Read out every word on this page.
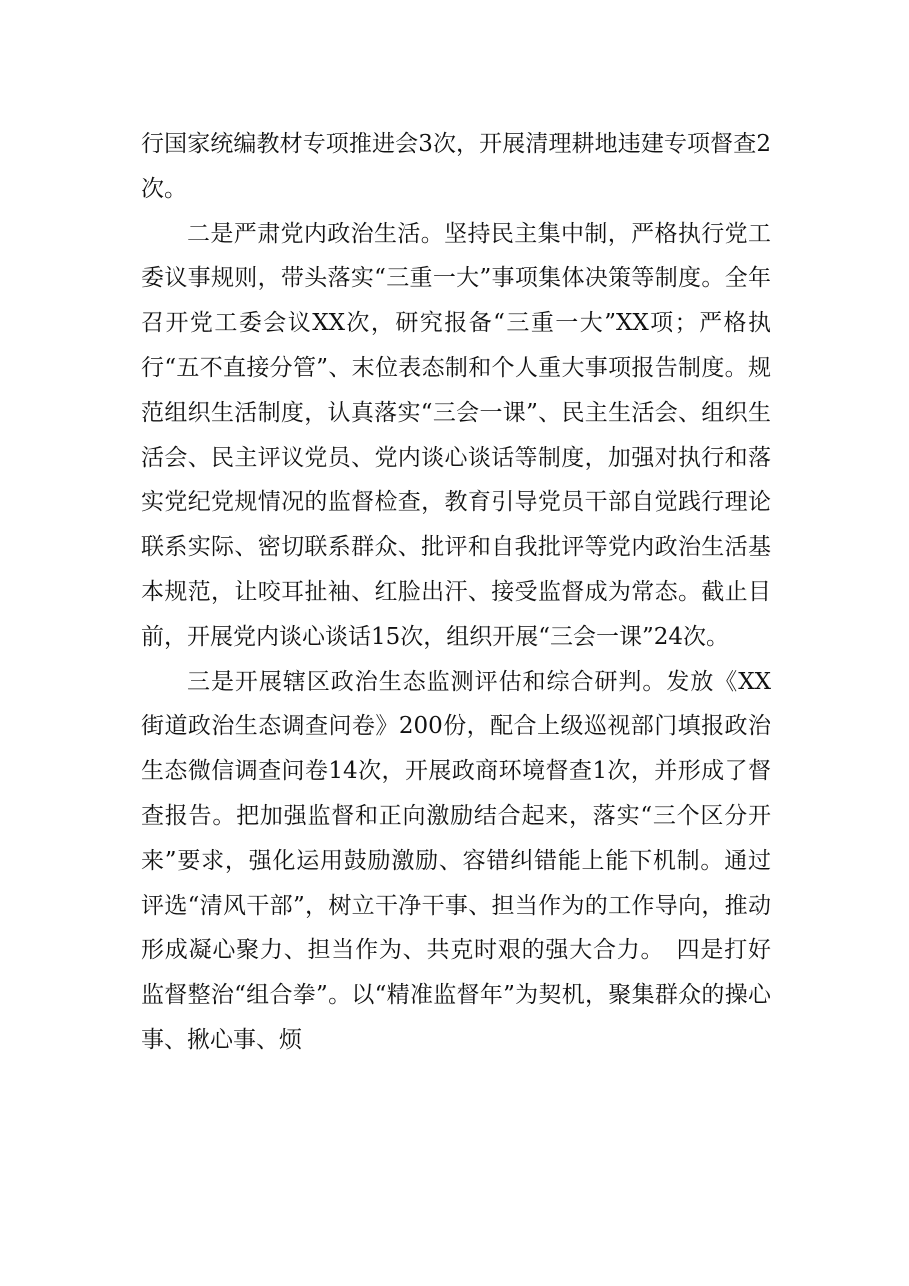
行国家统编教材专项推进会3次，开展清理耕地违建专项督查2次。

二是严肃党内政治生活。坚持民主集中制，严格执行党工委议事规则，带头落实“三重一大”事项集体决策等制度。全年召开党工委会议XX次，研究报备“三重一大”XX项；严格执行“五不直接分管”、末位表态制和个人重大事项报告制度。规范组织生活制度，认真落实“三会一课”、民主生活会、组织生活会、民主评议党员、党内谈心谈话等制度，加强对执行和落实党纪党规情况的监督检查，教育引导党员干部自觉践行理论联系实际、密切联系群众、批评和自我批评等党内政治生活基本规范，让咬耳扯袖、红脸出汗、接受监督成为常态。截止目前，开展党内谈心谈话15次，组织开展“三会一课”24次。

三是开展辖区政治生态监测评估和综合研判。发放《XX街道政治生态调查问卷》200份，配合上级巡视部门填报政治生态微信调查问卷14次，开展政商环境督查1次，并形成了督查报告。把加强监督和正向激励结合起来，落实“三个区分开来”要求，强化运用鼓励激励、容错纠错能上能下机制。通过评选“清风干部”，树立干净干事、担当作为的工作导向，推动形成凝心聚力、担当作为、共克时艰的强大合力。　四是打好监督整治“组合拳”。以“精准监督年”为契机，聚集群众的操心事、揪心事、烦
